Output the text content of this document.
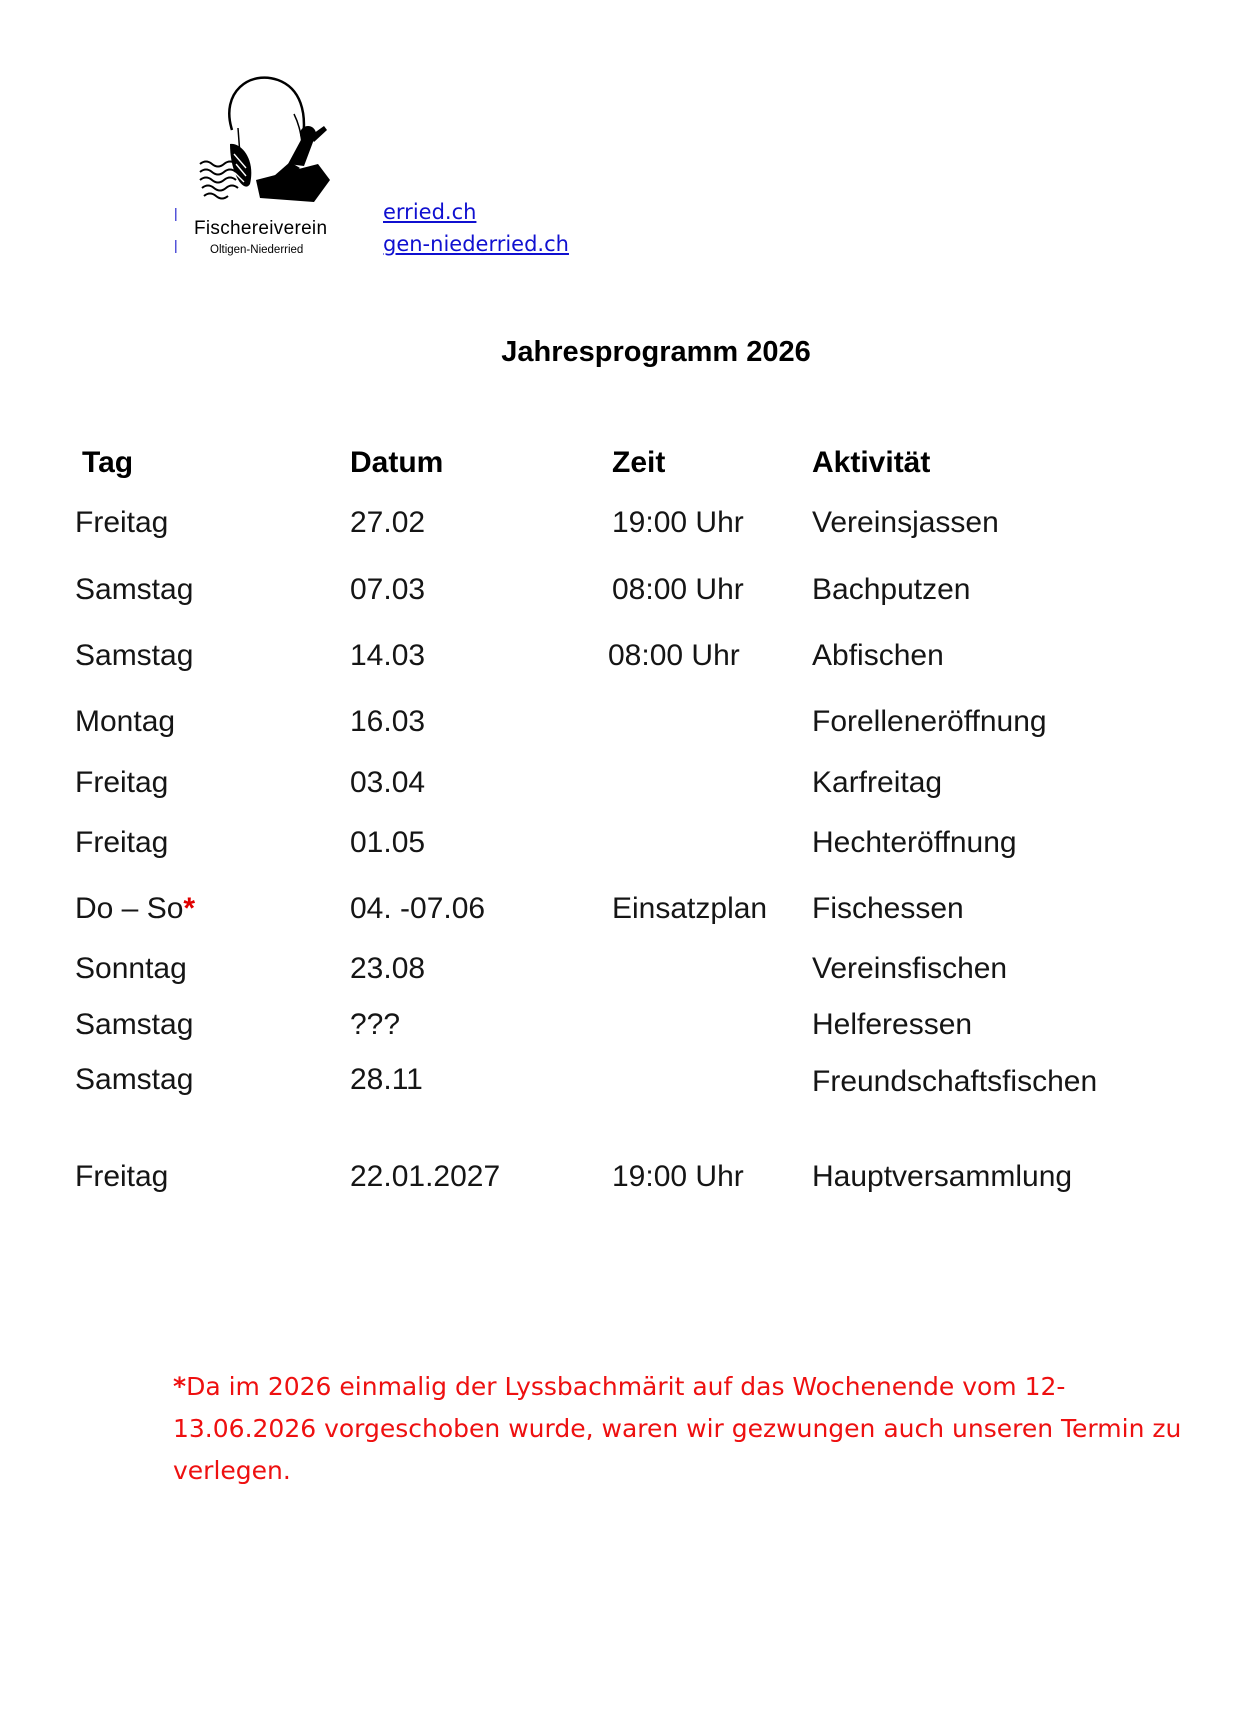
Fischereiverein
Oltigen-Niederried
|
|
erried.ch
gen-niederried.ch
Jahresprogramm 2026
Tag	Datum	Zeit	Aktivität
Freitag	27.02	19:00 Uhr	Vereinsjassen
Samstag	07.03	08:00 Uhr	Bachputzen
Samstag	14.03	08:00 Uhr	Abfischen
Montag	16.03		Forelleneröffnung
Freitag	03.04		Karfreitag
Freitag	01.05		Hechteröffnung
Do – So*	04. -07.06	Einsatzplan	Fischessen
Sonntag	23.08		Vereinsfischen
Samstag	???		Helferessen
Samstag	28.11		Freundschaftsfischen
Freitag	22.01.2027	19:00 Uhr	Hauptversammlung
*Da im 2026 einmalig der Lyssbachmärit auf das Wochenende vom 12-13.06.2026 vorgeschoben wurde, waren wir gezwungen auch unseren Termin zu verlegen.
